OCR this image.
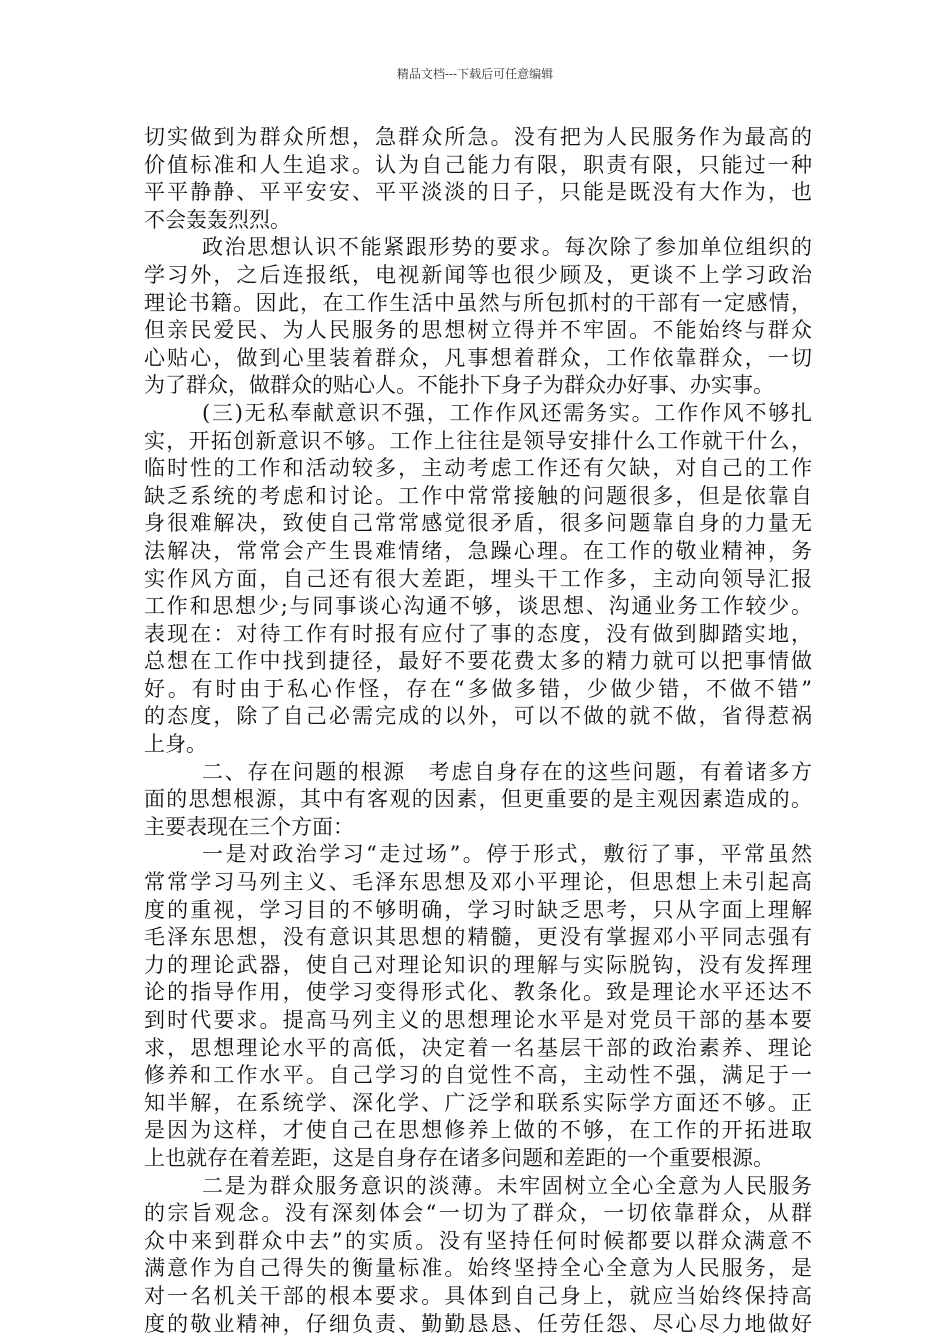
精品文档---下载后可任意编辑
切实做到为群众所想，急群众所急。没有把为人民服务作为最高的
价值标准和人生追求。认为自己能力有限，职责有限，只能过一种
平平静静、平平安安、平平淡淡的日子，只能是既没有大作为，也
不会轰轰烈烈。
政治思想认识不能紧跟形势的要求。每次除了参加单位组织的
学习外，之后连报纸，电视新闻等也很少顾及，更谈不上学习政治
理论书籍。因此，在工作生活中虽然与所包抓村的干部有一定感情，
但亲民爱民、为人民服务的思想树立得并不牢固。不能始终与群众
心贴心，做到心里装着群众，凡事想着群众，工作依靠群众，一切
为了群众，做群众的贴心人。不能扑下身子为群众办好事、办实事。
(三)无私奉献意识不强，工作作风还需务实。工作作风不够扎
实，开拓创新意识不够。工作上往往是领导安排什么工作就干什么，
临时性的工作和活动较多，主动考虑工作还有欠缺，对自己的工作
缺乏系统的考虑和讨论。工作中常常接触的问题很多，但是依靠自
身很难解决，致使自己常常感觉很矛盾，很多问题靠自身的力量无
法解决，常常会产生畏难情绪，急躁心理。在工作的敬业精神，务
实作风方面，自己还有很大差距，埋头干工作多，主动向领导汇报
工作和思想少;与同事谈心沟通不够，谈思想、沟通业务工作较少。
表现在：对待工作有时报有应付了事的态度，没有做到脚踏实地，
总想在工作中找到捷径，最好不要花费太多的精力就可以把事情做
好。有时由于私心作怪，存在“多做多错，少做少错，不做不错”
的态度，除了自己必需完成的以外，可以不做的就不做，省得惹祸
上身。
二、存在问题的根源　考虑自身存在的这些问题，有着诸多方
面的思想根源，其中有客观的因素，但更重要的是主观因素造成的。
主要表现在三个方面：
一是对政治学习“走过场”。停于形式，敷衍了事，平常虽然
常常学习马列主义、毛泽东思想及邓小平理论，但思想上未引起高
度的重视，学习目的不够明确，学习时缺乏思考，只从字面上理解
毛泽东思想，没有意识其思想的精髓，更没有掌握邓小平同志强有
力的理论武器，使自己对理论知识的理解与实际脱钩，没有发挥理
论的指导作用，使学习变得形式化、教条化。致是理论水平还达不
到时代要求。提高马列主义的思想理论水平是对党员干部的基本要
求，思想理论水平的高低，决定着一名基层干部的政治素养、理论
修养和工作水平。自己学习的自觉性不高，主动性不强，满足于一
知半解，在系统学、深化学、广泛学和联系实际学方面还不够。正
是因为这样，才使自己在思想修养上做的不够，在工作的开拓进取
上也就存在着差距，这是自身存在诸多问题和差距的一个重要根源。
二是为群众服务意识的淡薄。未牢固树立全心全意为人民服务
的宗旨观念。没有深刻体会“一切为了群众，一切依靠群众，从群
众中来到群众中去”的实质。没有坚持任何时候都要以群众满意不
满意作为自己得失的衡量标准。始终坚持全心全意为人民服务，是
对一名机关干部的根本要求。具体到自己身上，就应当始终保持高
度的敬业精神，仔细负责、勤勤恳恳、任劳任怨、尽心尽力地做好
